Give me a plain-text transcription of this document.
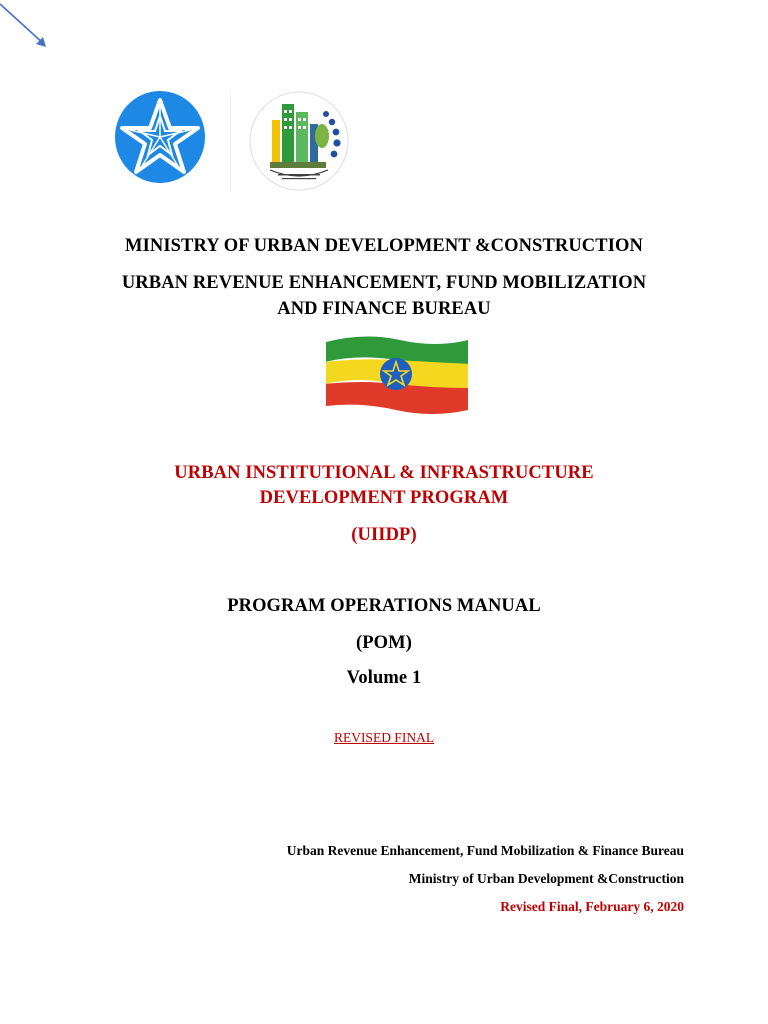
MINISTRY OF URBAN DEVELOPMENT &CONSTRUCTION
URBAN REVENUE ENHANCEMENT, FUND MOBILIZATION
AND FINANCE BUREAU
URBAN INSTITUTIONAL & INFRASTRUCTURE
DEVELOPMENT PROGRAM
(UIIDP)
PROGRAM OPERATIONS MANUAL
(POM)
Volume 1
REVISED FINAL
Urban Revenue Enhancement, Fund Mobilization & Finance Bureau
Ministry of Urban Development &Construction
Revised Final, February 6, 2020
